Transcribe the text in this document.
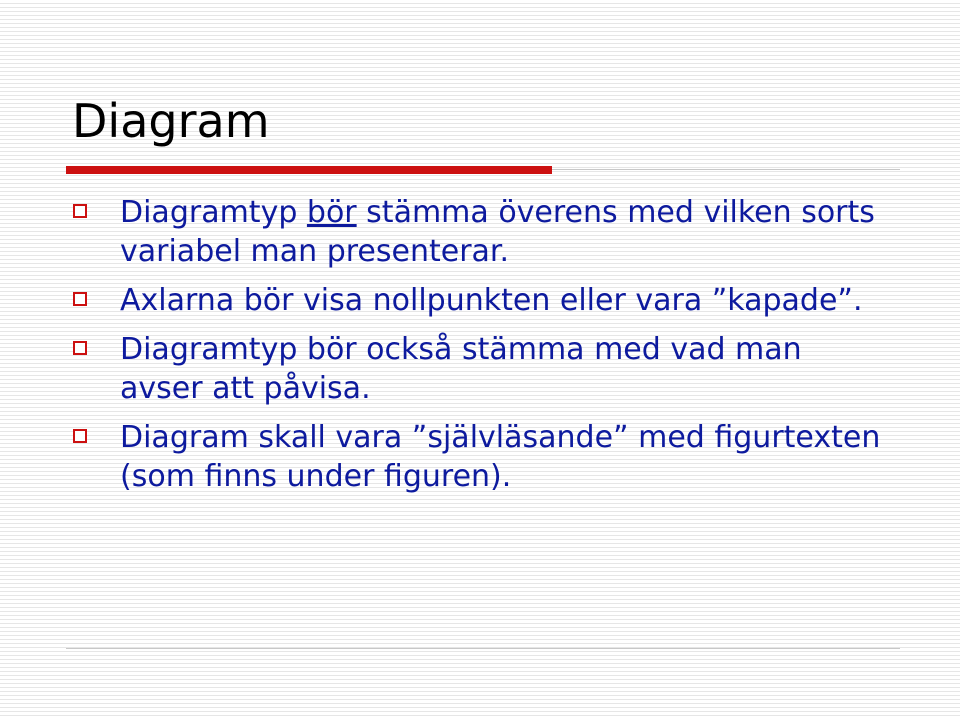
Diagram
Diagramtyp bör stämma överens med vilken sorts variabel man presenterar.
Axlarna bör visa nollpunkten eller vara ”kapade”.
Diagramtyp bör också stämma med vad man avser att påvisa.
Diagram skall vara ”självläsande” med figurtexten (som finns under figuren).
